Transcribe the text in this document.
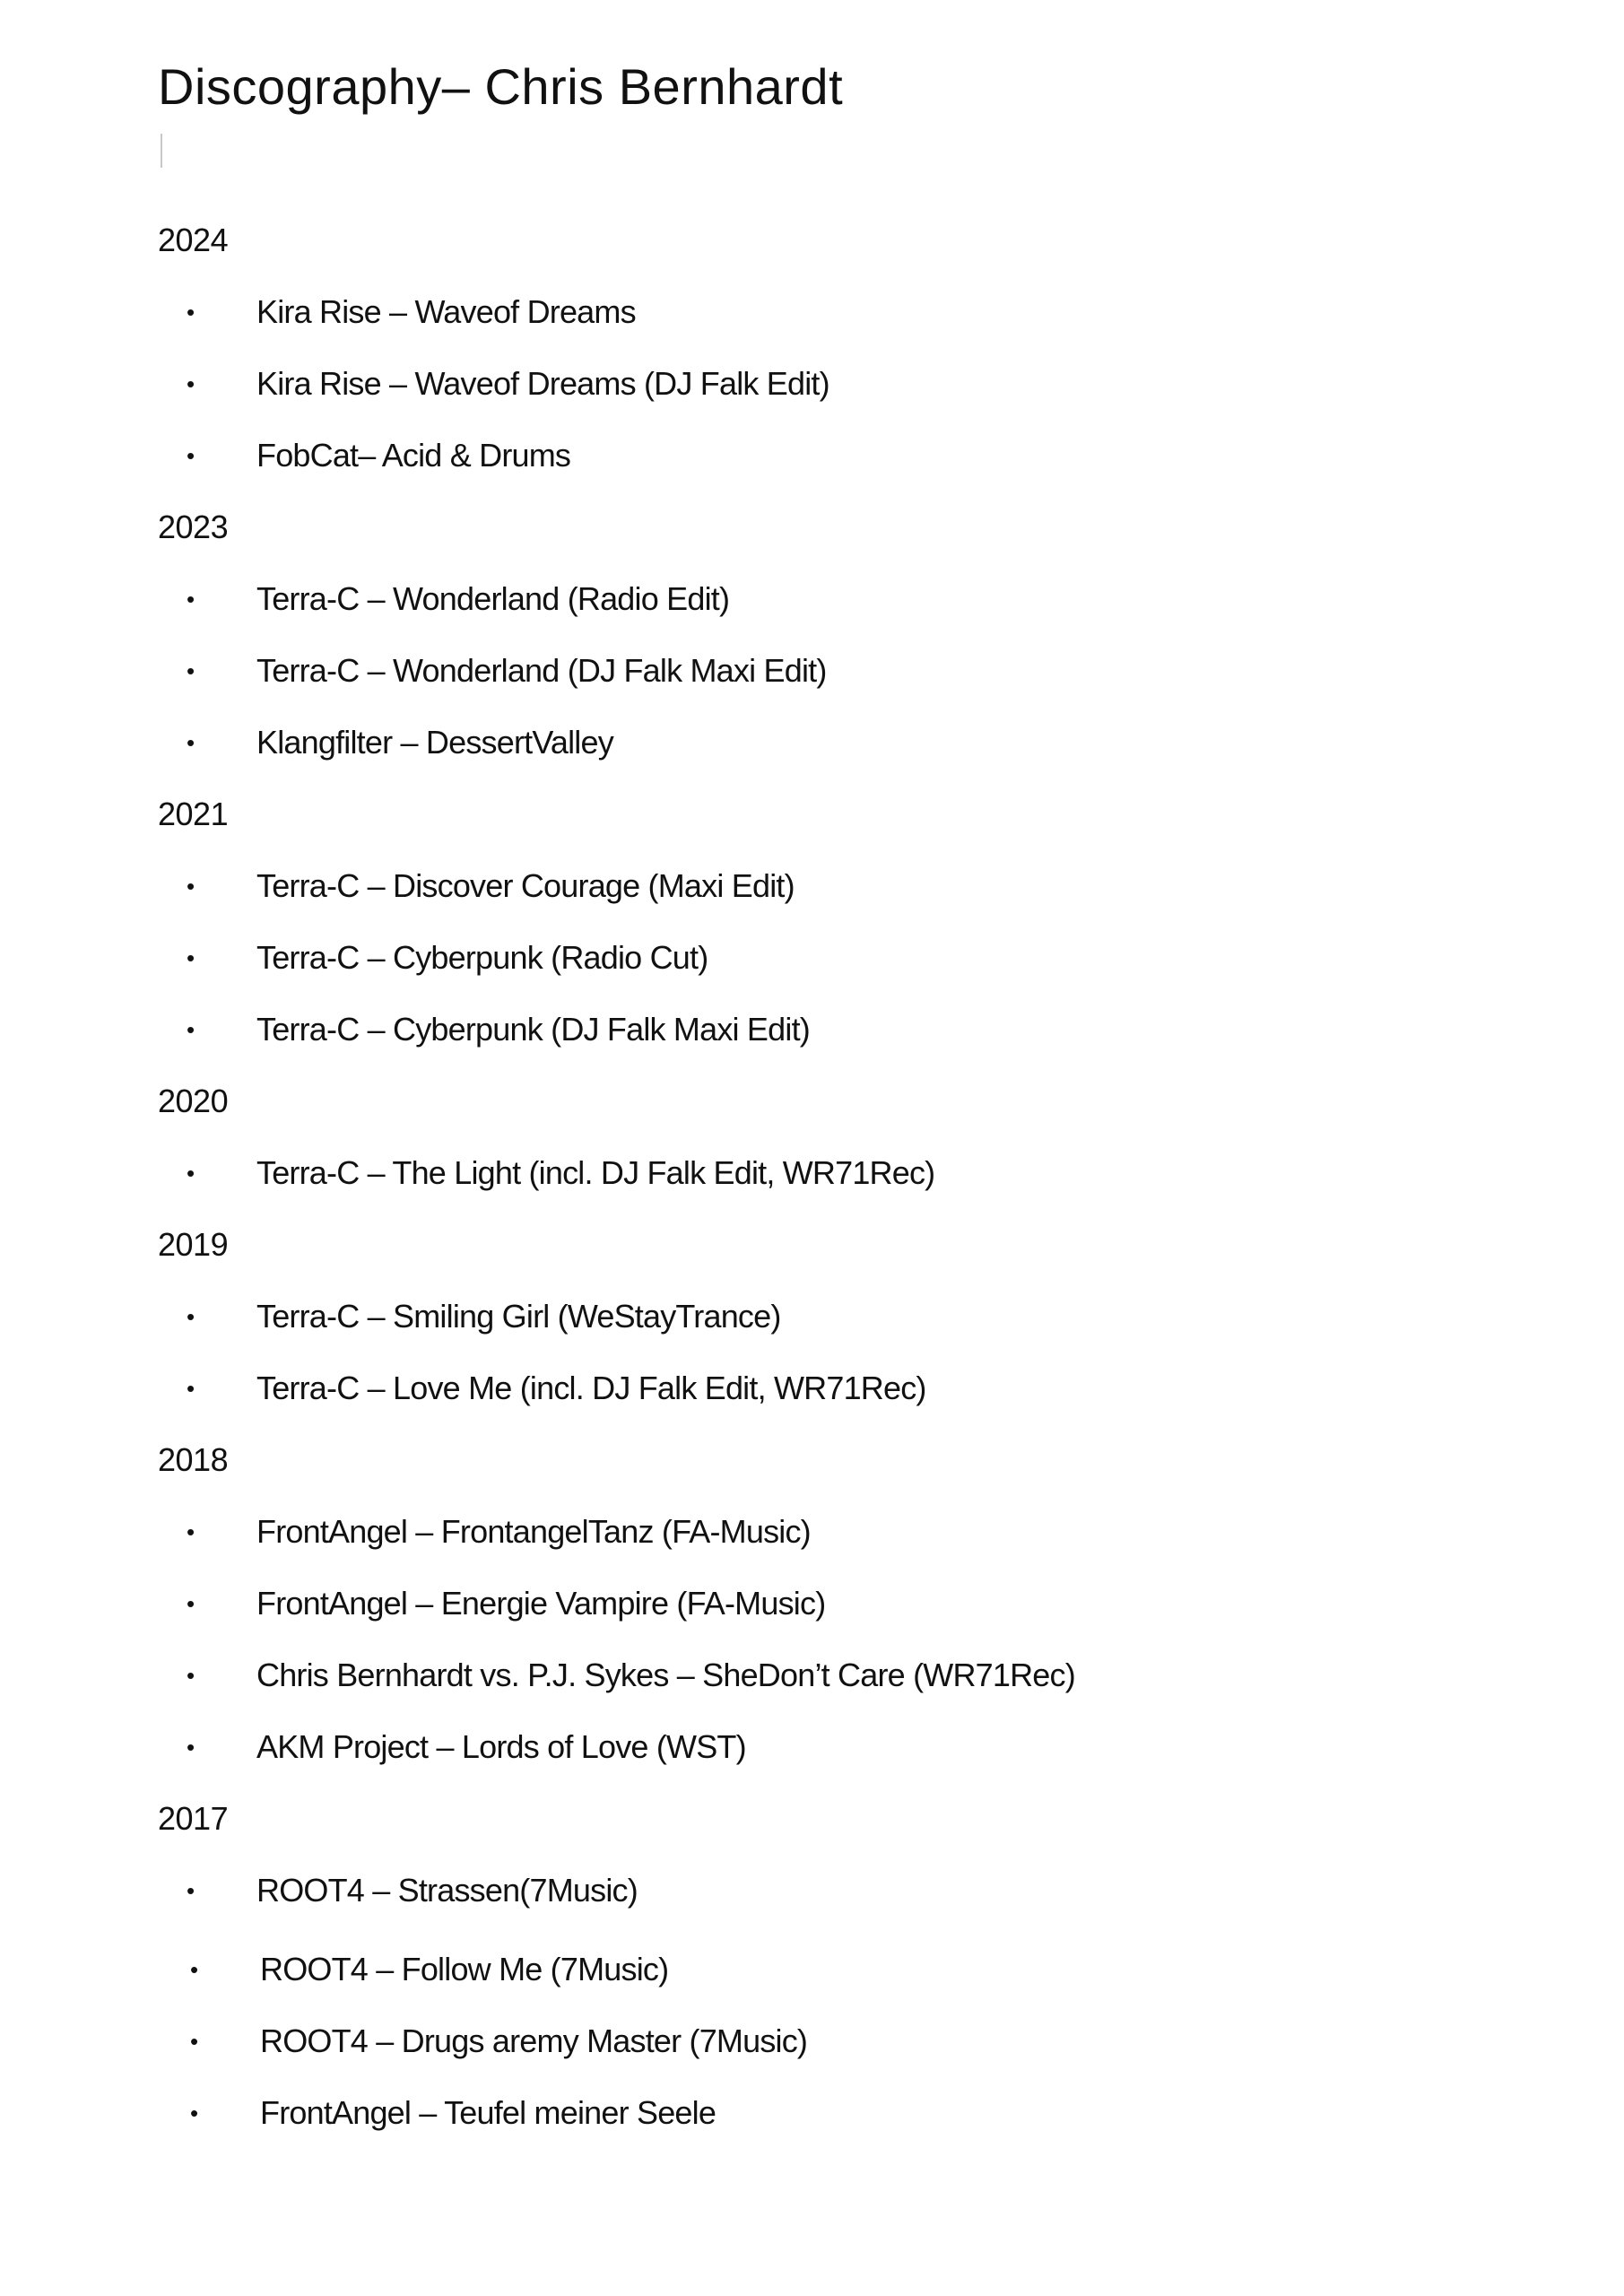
Discography– Chris Bernhardt
2024
• Kira Rise – Waveof Dreams
• Kira Rise – Waveof Dreams (DJ Falk Edit)
• FobCat– Acid & Drums
2023
• Terra-C – Wonderland (Radio Edit)
• Terra-C – Wonderland (DJ Falk Maxi Edit)
• Klangfilter – DessertValley
2021
• Terra-C – Discover Courage (Maxi Edit)
• Terra-C – Cyberpunk (Radio Cut)
• Terra-C – Cyberpunk (DJ Falk Maxi Edit)
2020
• Terra-C – The Light (incl. DJ Falk Edit, WR71Rec)
2019
• Terra-C – Smiling Girl (WeStayTrance)
• Terra-C – Love Me (incl. DJ Falk Edit, WR71Rec)
2018
• FrontAngel – FrontangelTanz (FA-Music)
• FrontAngel – Energie Vampire (FA-Music)
• Chris Bernhardt vs. P.J. Sykes – SheDon’t Care (WR71Rec)
• AKM Project – Lords of Love (WST)
2017
• ROOT4 – Strassen(7Music)
• ROOT4 – Follow Me (7Music)
• ROOT4 – Drugs aremy Master (7Music)
• FrontAngel – Teufel meiner Seele
